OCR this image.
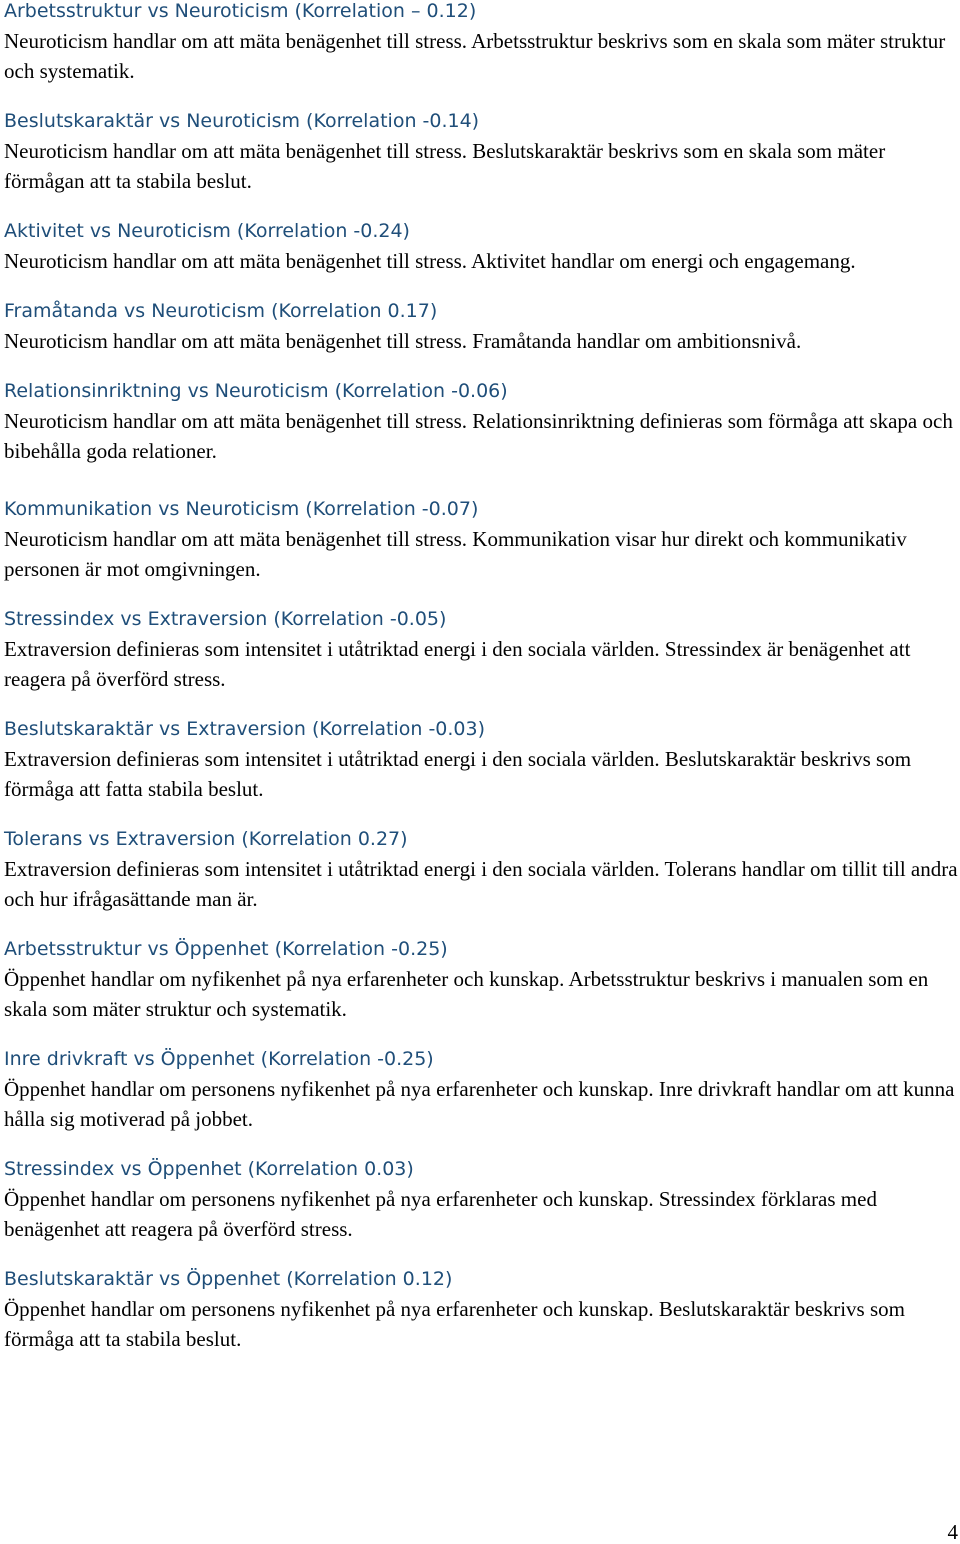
Arbetsstruktur vs Neuroticism (Korrelation – 0.12)
Neuroticism handlar om att mäta benägenhet till stress. Arbetsstruktur beskrivs som en skala som mäter struktur och systematik.
Beslutskaraktär vs Neuroticism (Korrelation -0.14)
Neuroticism handlar om att mäta benägenhet till stress. Beslutskaraktär beskrivs som en skala som mäter förmågan att ta stabila beslut.
Aktivitet vs Neuroticism (Korrelation -0.24)
Neuroticism handlar om att mäta benägenhet till stress. Aktivitet handlar om energi och engagemang.
Framåtanda vs Neuroticism (Korrelation 0.17)
Neuroticism handlar om att mäta benägenhet till stress. Framåtanda handlar om ambitionsnivå.
Relationsinriktning vs Neuroticism (Korrelation -0.06)
Neuroticism handlar om att mäta benägenhet till stress. Relationsinriktning definieras som förmåga att skapa och bibehålla goda relationer.
Kommunikation vs Neuroticism (Korrelation -0.07)
Neuroticism handlar om att mäta benägenhet till stress. Kommunikation visar hur direkt och kommunikativ personen är mot omgivningen.
Stressindex vs Extraversion (Korrelation -0.05)
Extraversion definieras som intensitet i utåtriktad energi i den sociala världen. Stressindex är benägenhet att reagera på överförd stress.
Beslutskaraktär vs Extraversion (Korrelation -0.03)
Extraversion definieras som intensitet i utåtriktad energi i den sociala världen. Beslutskaraktär beskrivs som förmåga att fatta stabila beslut.
Tolerans vs Extraversion (Korrelation 0.27)
Extraversion definieras som intensitet i utåtriktad energi i den sociala världen. Tolerans handlar om tillit till andra och hur ifrågasättande man är.
Arbetsstruktur vs Öppenhet (Korrelation -0.25)
Öppenhet handlar om nyfikenhet på nya erfarenheter och kunskap. Arbetsstruktur beskrivs i manualen som en skala som mäter struktur och systematik.
Inre drivkraft vs Öppenhet (Korrelation -0.25)
Öppenhet handlar om personens nyfikenhet på nya erfarenheter och kunskap. Inre drivkraft handlar om att kunna hålla sig motiverad på jobbet.
Stressindex vs Öppenhet (Korrelation 0.03)
Öppenhet handlar om personens nyfikenhet på nya erfarenheter och kunskap. Stressindex förklaras med benägenhet att reagera på överförd stress.
Beslutskaraktär vs Öppenhet (Korrelation 0.12)
Öppenhet handlar om personens nyfikenhet på nya erfarenheter och kunskap. Beslutskaraktär beskrivs som förmåga att ta stabila beslut.
4
